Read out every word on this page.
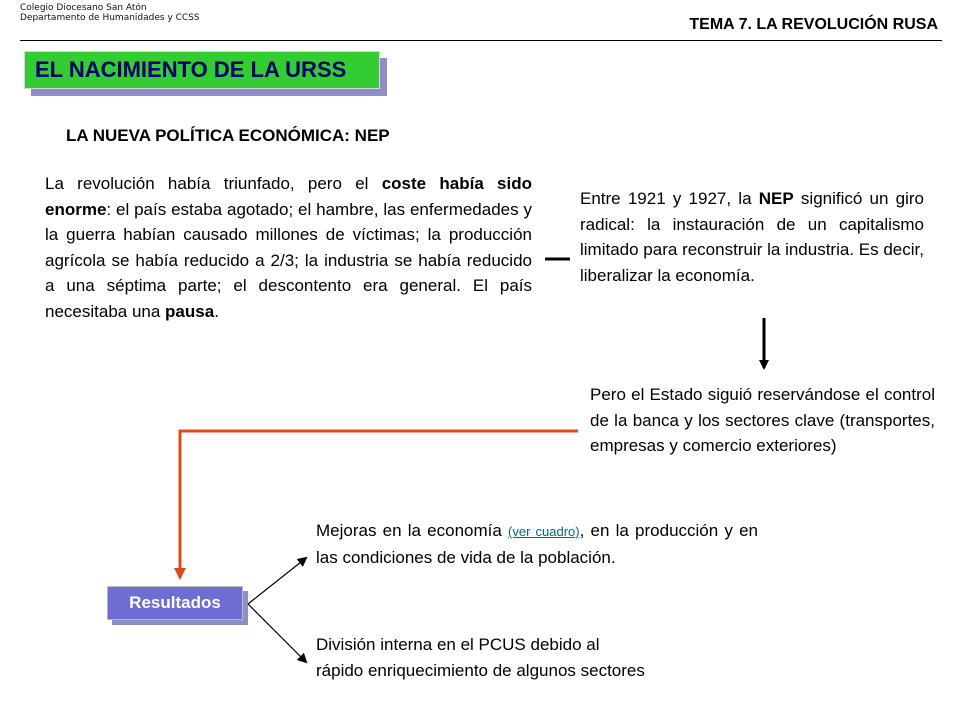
Colegio Diocesano San Atón
Departamento de Humanidades y CCSS	TEMA 7. LA REVOLUCIÓN RUSA
EL NACIMIENTO DE LA URSS
LA NUEVA POLÍTICA ECONÓMICA: NEP
La revolución había triunfado, pero el coste había sido enorme: el país estaba agotado; el hambre, las enfermedades y la guerra habían causado millones de víctimas; la producción agrícola se había reducido a 2/3; la industria se había reducido a una séptima parte; el descontento era general. El país necesitaba una pausa.
Entre 1921 y 1927, la NEP significó un giro radical: la instauración de un capitalismo limitado para reconstruir la industria. Es decir, liberalizar la economía.
Pero el Estado siguió reservándose el control de la banca y los sectores clave (transportes, empresas y comercio exteriores)
Resultados
Mejoras en la economía (ver cuadro), en la producción y en las condiciones de vida de la población.
División interna en el PCUS debido al rápido enriquecimiento de algunos sectores
